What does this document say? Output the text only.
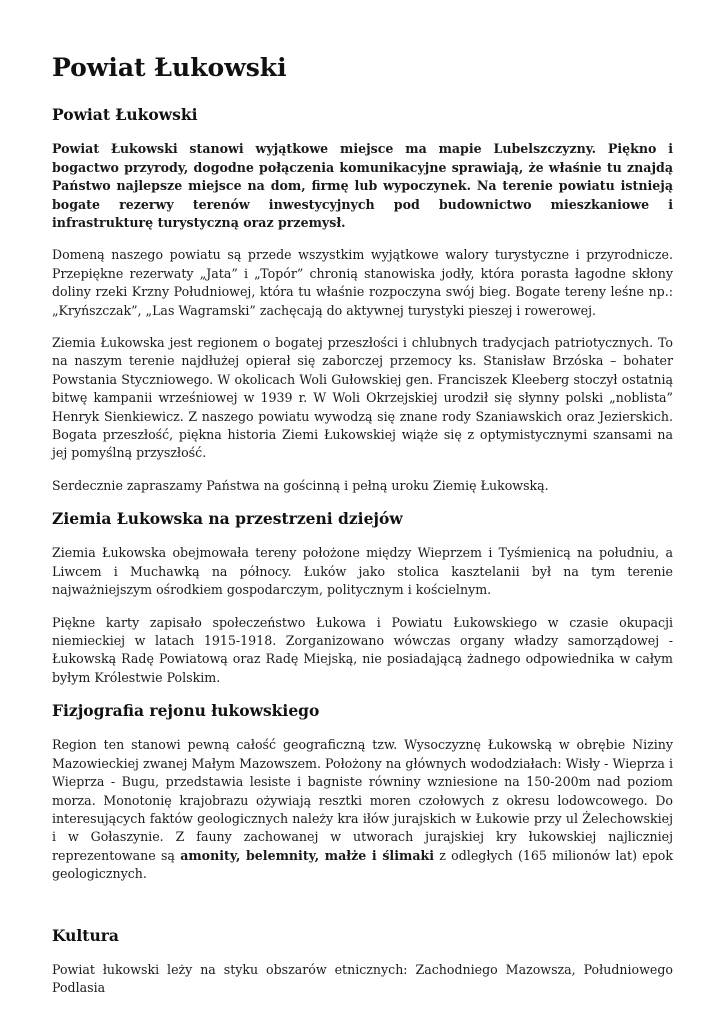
Powiat Łukowski
Powiat Łukowski

Powiat Łukowski stanowi wyjątkowe miejsce ma mapie Lubelszczyzny. Piękno i bogactwo przyrody, dogodne połączenia komunikacyjne sprawiają, że właśnie tu znajdą Państwo najlepsze miejsce na dom, firmę lub wypoczynek. Na terenie powiatu istnieją bogate rezerwy terenów inwestycyjnych pod budownictwo mieszkaniowe i infrastrukturę turystyczną oraz przemysł.

Domeną naszego powiatu są przede wszystkim wyjątkowe walory turystyczne i przyrodnicze. Przepiękne rezerwaty „Jata” i „Topór” chronią stanowiska jodły, która porasta łagodne skłony doliny rzeki Krzny Południowej, która tu właśnie rozpoczyna swój bieg. Bogate tereny leśne np.: „Kryńszczak”, „Las Wagramski” zachęcają do aktywnej turystyki pieszej i rowerowej.

Ziemia Łukowska jest regionem o bogatej przeszłości i chlubnych tradycjach patriotycznych. To na naszym terenie najdłużej opierał się zaborczej przemocy ks. Stanisław Brzóska – bohater Powstania Styczniowego. W okolicach Woli Gułowskiej gen. Franciszek Kleeberg stoczył ostatnią bitwę kampanii wrześniowej w 1939 r. W Woli Okrzejskiej urodził się słynny polski „noblista” Henryk Sienkiewicz. Z naszego powiatu wywodzą się znane rody Szaniawskich oraz Jezierskich. Bogata przeszłość, piękna historia Ziemi Łukowskiej wiąże się z optymistycznymi szansami na jej pomyślną przyszłość.

Serdecznie zapraszamy Państwa na gościnną i pełną uroku Ziemię Łukowską.

Ziemia Łukowska na przestrzeni dziejów

Ziemia Łukowska obejmowała tereny położone między Wieprzem i Tyśmienicą na południu, a Liwcem i Muchawką na północy. Łuków jako stolica kasztelanii był na tym terenie najważniejszym ośrodkiem gospodarczym, politycznym i kościelnym.

Piękne karty zapisało społeczeństwo Łukowa i Powiatu Łukowskiego w czasie okupacji niemieckiej w latach 1915-1918. Zorganizowano wówczas organy władzy samorządowej - Łukowską Radę Powiatową oraz Radę Miejską, nie posiadającą żadnego odpowiednika w całym byłym Królestwie Polskim.

Fizjografia rejonu łukowskiego

Region ten stanowi pewną całość geograficzną tzw. Wysoczyznę Łukowską w obrębie Niziny Mazowieckiej zwanej Małym Mazowszem. Położony na głównych wododziałach: Wisły - Wieprza i Wieprza - Bugu, przedstawia lesiste i bagniste równiny wzniesione na 150-200m nad poziom morza. Monotonię krajobrazu ożywiają resztki moren czołowych z okresu lodowcowego. Do interesujących faktów geologicznych należy kra iłów jurajskich w Łukowie przy ul Żelechowskiej i w Gołaszynie. Z fauny zachowanej w utworach jurajskiej kry łukowskiej najliczniej reprezentowane są amonity, belemnity, małże i ślimaki z odległych (165 milionów lat) epok geologicznych.

Kultura

Powiat łukowski leży na styku obszarów etnicznych: Zachodniego Mazowsza, Południowego Podlasia
